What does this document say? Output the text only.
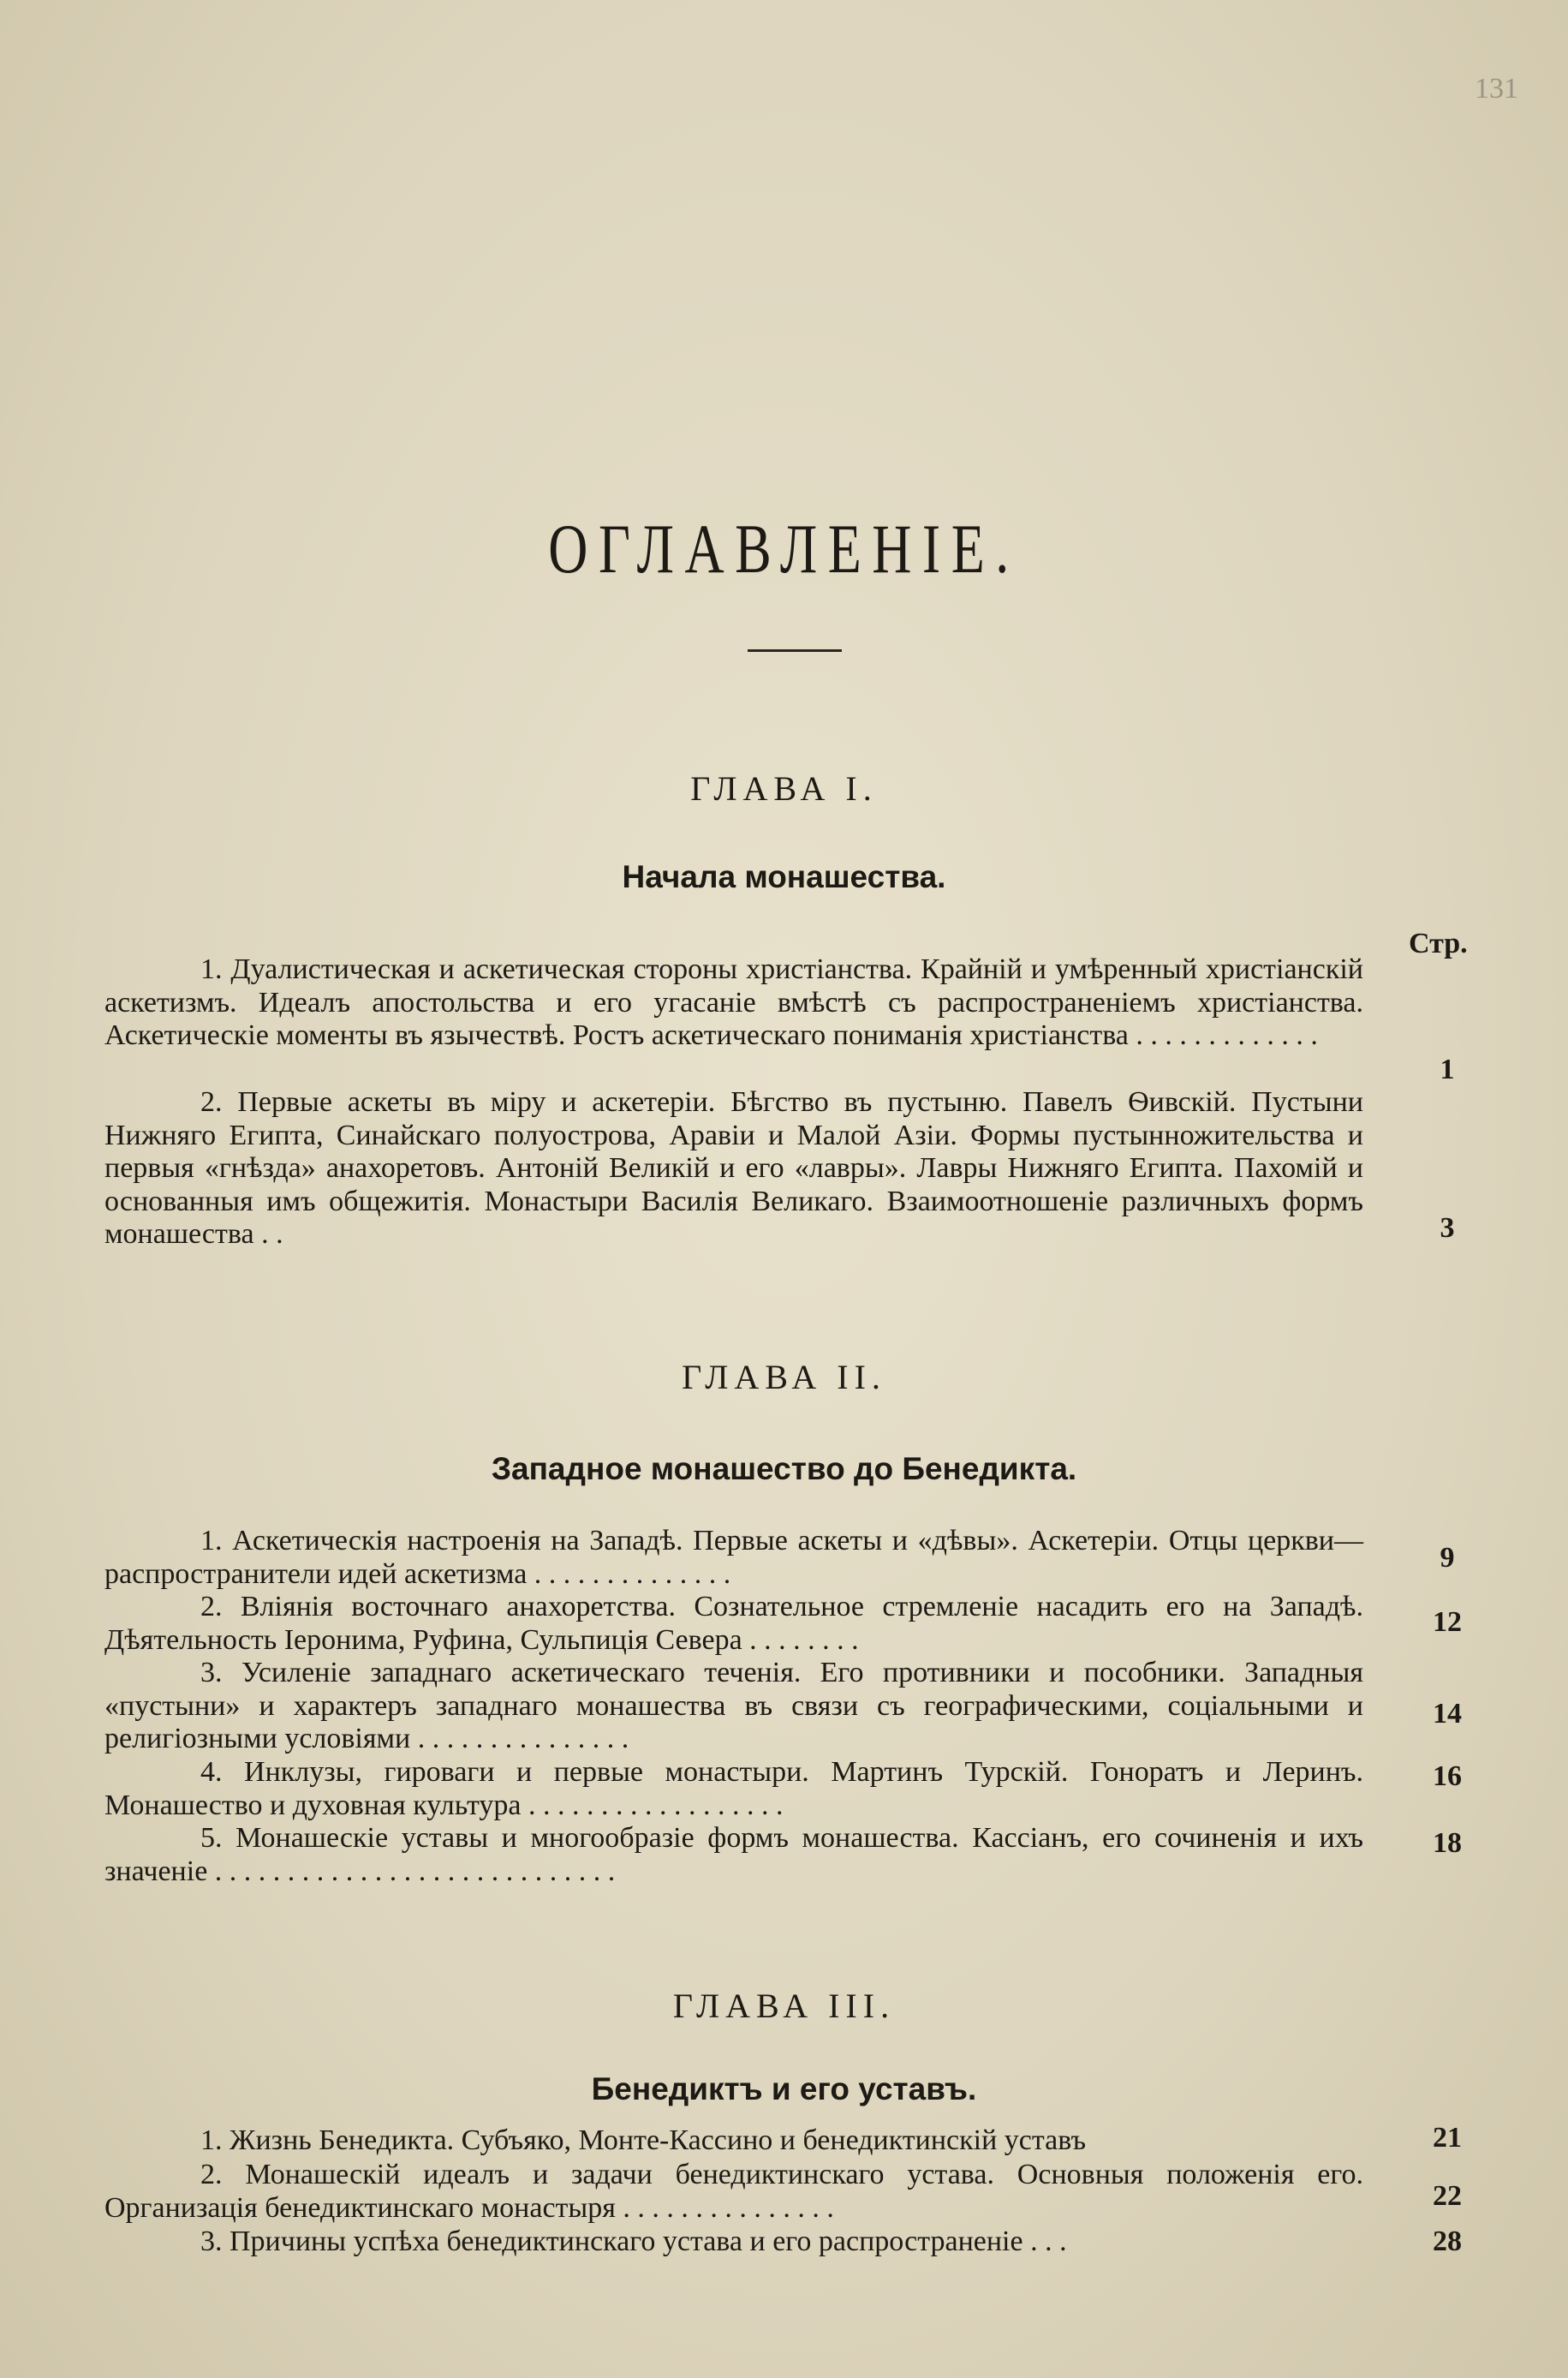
131
ОГЛАВЛЕНІЕ.
ГЛАВА I.
Начала монашества.
Стр.
1. Дуалистическая и аскетическая стороны христіанства. Крайній и умѣренный христіанскій аскетизмъ. Идеалъ апостольства и его угасаніе вмѣстѣ съ распространеніемъ христіанства. Аскетическіе моменты въ язычествѣ. Ростъ аскетическаго пониманія христіанства . . . . . . . . . . . . .
1
2. Первые аскеты въ міру и аскетеріи. Бѣгство въ пустыню. Павелъ Ѳивскій. Пустыни Нижняго Египта, Синайскаго полуострова, Аравіи и Малой Азіи. Формы пустынножительства и первыя «гнѣзда» анахоретовъ. Антоній Великій и его «лавры». Лавры Нижняго Египта. Пахомій и основанныя имъ общежитія. Монастыри Василія Великаго. Взаимоотношеніе различныхъ формъ монашества . .	3
ГЛАВА II.
Западное монашество до Бенедикта.
1. Аскетическія настроенія на Западѣ. Первые аскеты и «дѣвы». Аскетеріи. Отцы церкви—распространители идей аскетизма . . . . . . . . . . . . . .	9
2. Вліянія восточнаго анахоретства. Сознательное стремленіе насадить его на Западѣ. Дѣятельность Іеронима, Руфина, Сульпиція Севера . . . . . . . .
12
3. Усиленіе западнаго аскетическаго теченія. Его противники и пособники. Западныя «пустыни» и характеръ западнаго монашества въ связи съ географическими, соціальными и религіозными условіями . . . . . . . . . . . . . . .
14
4. Инклузы, гироваги и первые монастыри. Мартинъ Турскій. Гоноратъ и Леринъ. Монашество и духовная культура . . . . . . . . . . . . . . . . . .
16
5. Монашескіе уставы и многообразіе формъ монашества. Кассіанъ, его сочиненія и ихъ значеніе . . . . . . . . . . . . . . . . . . . . . . . . . . . .
18
ГЛАВА III.
Бенедиктъ и его уставъ.
1. Жизнь Бенедикта. Субъяко, Монте-Кассино и бенедиктинскій уставъ	21
2. Монашескій идеалъ и задачи бенедиктинскаго устава. Основныя положенія его. Организація бенедиктинскаго монастыря . . . . . . . . . . . . . . .	22
3. Причины успѣха бенедиктинскаго устава и его распространеніе . . .	28
